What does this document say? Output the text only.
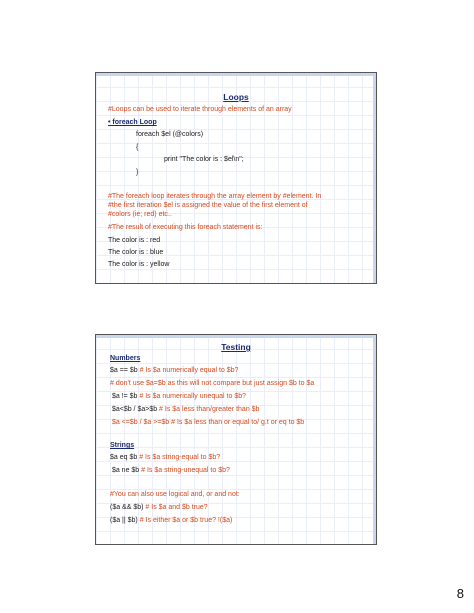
Loops
#Loops can be used to iterate through elements of an array
• foreach Loop
foreach $el (@colors)
{
print "The color is : $el\n";
}
#The foreach loop iterates through the array element by #element. In
#the first iteration $el is assigned the value of the first element of
#colors (ie; red) etc..
#The result of executing this foreach statement is:
The color is : red
The color is : blue
The color is : yellow
Testing
Numbers
$a == $b # Is $a numerically equal to $b?
# don't use $a=$b as this will not compare but just assign $b to $a
$a != $b # Is $a numerically unequal to $b?
$a<$b / $a>$b # Is $a less than/greater than $b
$a <=$b / $a >=$b # Is $a less than or equal to/ g.t or eq to $b
Strings
$a eq $b # Is $a string-equal to $b?
$a ne $b # Is $a string-unequal to $b?
#You can also use logical and, or and not:
($a && $b) # Is $a and $b true?
($a || $b) # Is either $a or $b true? !($a)
8
